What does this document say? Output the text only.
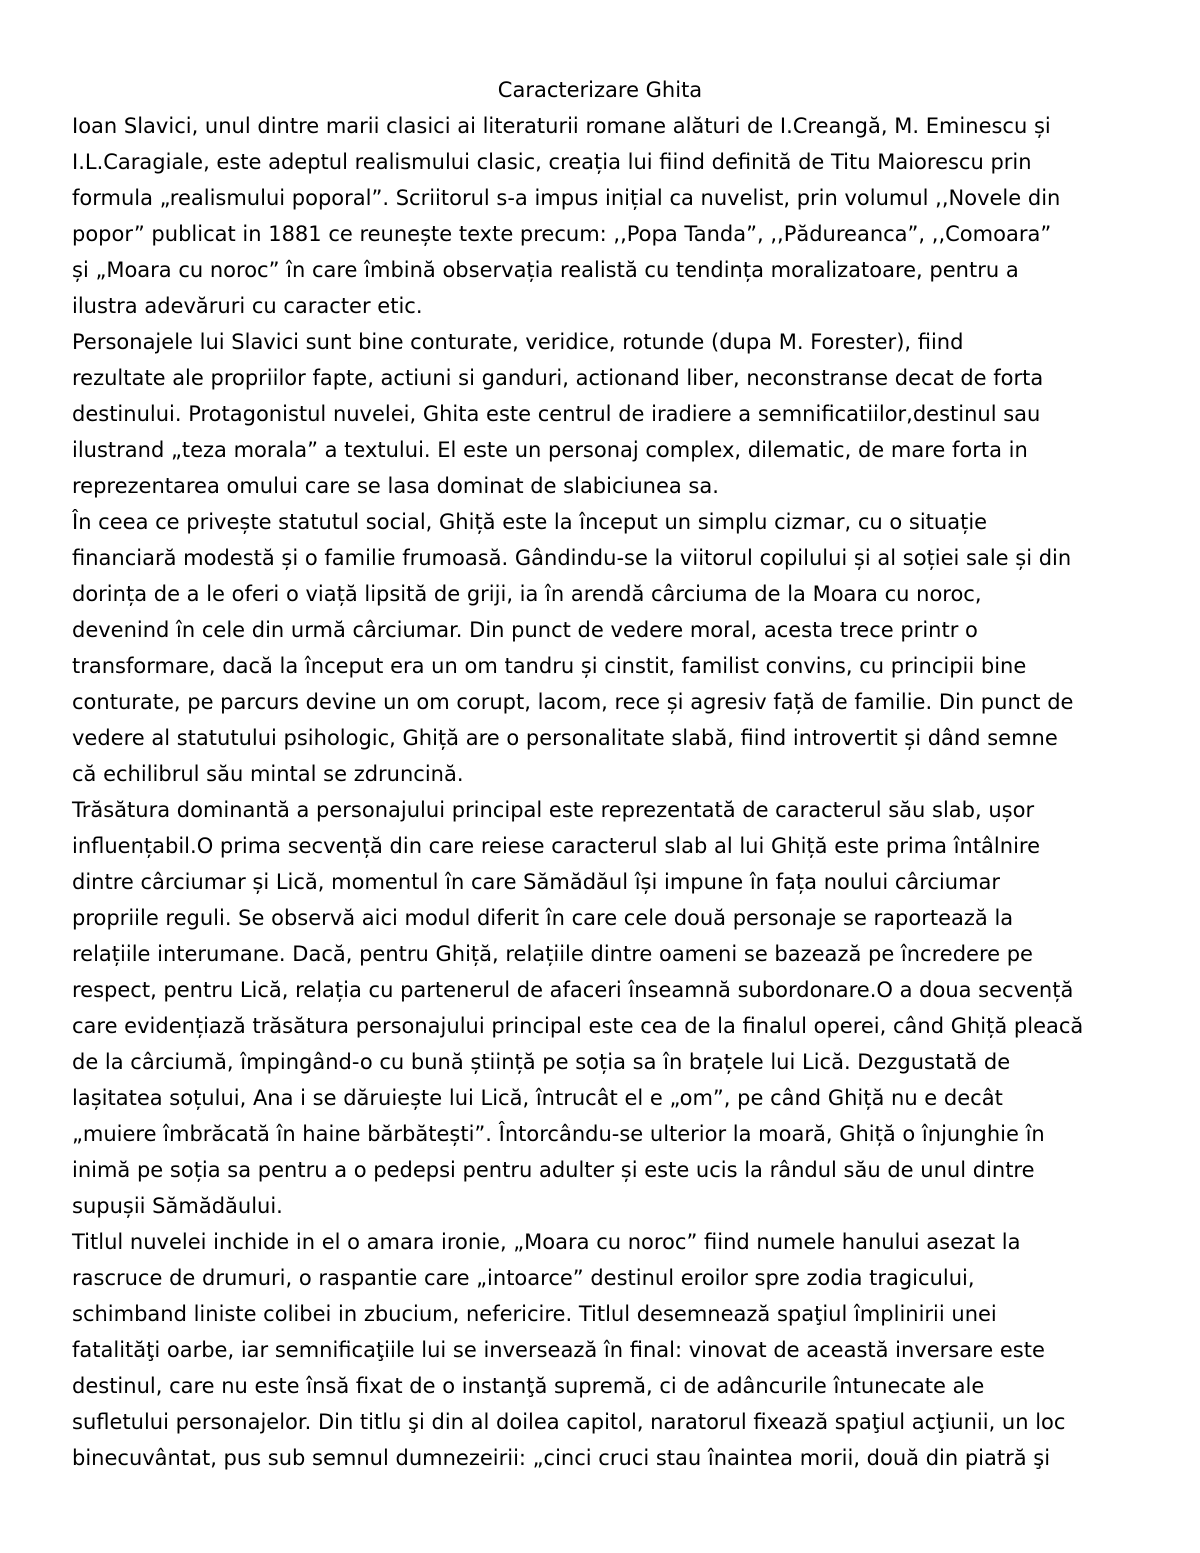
Caracterizare Ghita
Ioan Slavici, unul dintre marii clasici ai literaturii romane alături de I.Creangă, M. Eminescu și
I.L.Caragiale, este adeptul realismului clasic, creația lui fiind definită de Titu Maiorescu prin
formula „realismului poporal”. Scriitorul s-a impus inițial ca nuvelist, prin volumul ,,Novele din
popor” publicat in 1881 ce reunește texte precum: ,,Popa Tanda”, ,,Pădureanca”, ,,Comoara”
și „Moara cu noroc” în care îmbină observația realistă cu tendința moralizatoare, pentru a
ilustra adevăruri cu caracter etic.
Personajele lui Slavici sunt bine conturate, veridice, rotunde (dupa M. Forester), fiind
rezultate ale propriilor fapte, actiuni si ganduri, actionand liber, neconstranse decat de forta
destinului. Protagonistul nuvelei, Ghita este centrul de iradiere a semnificatiilor,destinul sau
ilustrand „teza morala” a textului. El este un personaj complex, dilematic, de mare forta in
reprezentarea omului care se lasa dominat de slabiciunea sa.
În ceea ce privește statutul social, Ghiță este la început un simplu cizmar, cu o situație
financiară modestă și o familie frumoasă. Gândindu-se la viitorul copilului și al soției sale și din
dorința de a le oferi o viață lipsită de griji, ia în arendă cârciuma de la Moara cu noroc,
devenind în cele din urmă cârciumar. Din punct de vedere moral, acesta trece printr o
transformare, dacă la început era un om tandru și cinstit, familist convins, cu principii bine
conturate, pe parcurs devine un om corupt, lacom, rece și agresiv față de familie. Din punct de
vedere al statutului psihologic, Ghiță are o personalitate slabă, fiind introvertit și dând semne
că echilibrul său mintal se zdruncină.
Trăsătura dominantă a personajului principal este reprezentată de caracterul său slab, ușor
influențabil.O prima secvență din care reiese caracterul slab al lui Ghiță este prima întâlnire
dintre cârciumar și Lică, momentul în care Sămădăul își impune în fața noului cârciumar
propriile reguli. Se observă aici modul diferit în care cele două personaje se raportează la
relațiile interumane. Dacă, pentru Ghiță, relațiile dintre oameni se bazează pe încredere pe
respect, pentru Lică, relația cu partenerul de afaceri înseamnă subordonare.O a doua secvență
care evidențiază trăsătura personajului principal este cea de la finalul operei, când Ghiță pleacă
de la cârciumă, împingând-o cu bună știință pe soția sa în brațele lui Lică. Dezgustată de
lașitatea soțului, Ana i se dăruiește lui Lică, întrucât el e „om”, pe când Ghiță nu e decât
„muiere îmbrăcată în haine bărbătești”. Întorcându-se ulterior la moară, Ghiță o înjunghie în
inimă pe soția sa pentru a o pedepsi pentru adulter și este ucis la rândul său de unul dintre
supușii Sămădăului.
Titlul nuvelei inchide in el o amara ironie, „Moara cu noroc” fiind numele hanului asezat la
rascruce de drumuri, o raspantie care „intoarce” destinul eroilor spre zodia tragicului,
schimband liniste colibei in zbucium, nefericire. Titlul desemnează spaţiul împlinirii unei
fatalităţi oarbe, iar semnificaţiile lui se inversează în final: vinovat de această inversare este
destinul, care nu este însă fixat de o instanţă supremă, ci de adâncurile întunecate ale
sufletului personajelor. Din titlu şi din al doilea capitol, naratorul fixează spaţiul acţiunii, un loc
binecuvântat, pus sub semnul dumnezeirii: „cinci cruci stau înaintea morii, două din piatră şi
